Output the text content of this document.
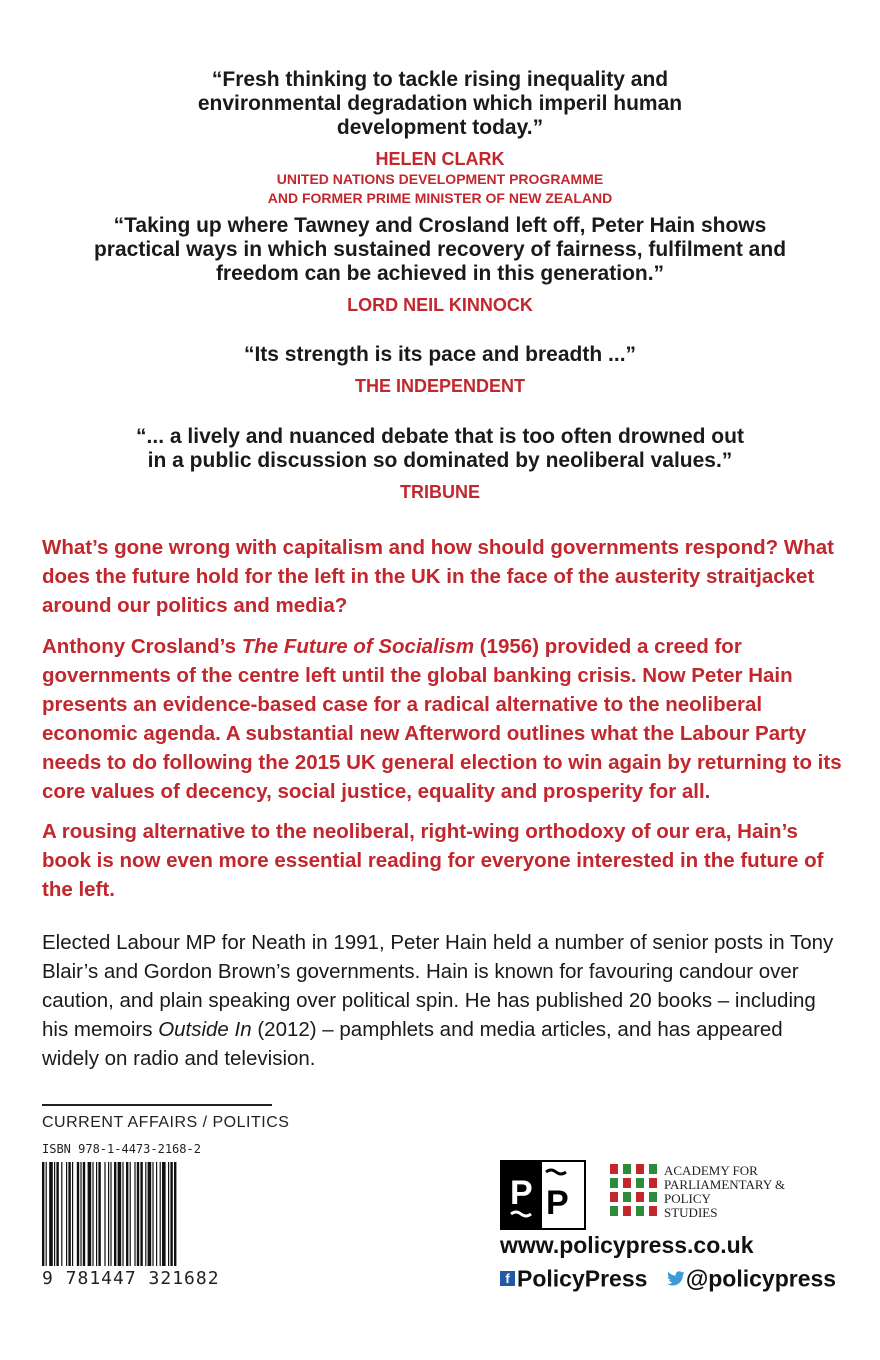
“Fresh thinking to tackle rising inequality and environmental degradation which imperil human development today.”

HELEN CLARK
UNITED NATIONS DEVELOPMENT PROGRAMME
AND FORMER PRIME MINISTER OF NEW ZEALAND

“Taking up where Tawney and Crosland left off, Peter Hain shows practical ways in which sustained recovery of fairness, fulfilment and freedom can be achieved in this generation.”

LORD NEIL KINNOCK

“Its strength is its pace and breadth ...”

THE INDEPENDENT

“... a lively and nuanced debate that is too often drowned out in a public discussion so dominated by neoliberal values.”

TRIBUNE

What’s gone wrong with capitalism and how should governments respond? What does the future hold for the left in the UK in the face of the austerity straitjacket around our politics and media?

Anthony Crosland’s The Future of Socialism (1956) provided a creed for governments of the centre left until the global banking crisis. Now Peter Hain presents an evidence-based case for a radical alternative to the neoliberal economic agenda. A substantial new Afterword outlines what the Labour Party needs to do following the 2015 UK general election to win again by returning to its core values of decency, social justice, equality and prosperity for all.

A rousing alternative to the neoliberal, right-wing orthodoxy of our era, Hain’s book is now even more essential reading for everyone interested in the future of the left.

Elected Labour MP for Neath in 1991, Peter Hain held a number of senior posts in Tony Blair’s and Gordon Brown’s governments. Hain is known for favouring candour over caution, and plain speaking over political spin. He has published 20 books – including his memoirs Outside In (2012) – pamphlets and media articles, and has appeared widely on radio and television.

CURRENT AFFAIRS / POLITICS
ISBN 978-1-4473-2168-2
9 781447 321682
P P
ACADEMY FOR
PARLIAMENTARY &
POLICY
STUDIES
www.policypress.co.uk
f PolicyPress @policypress
